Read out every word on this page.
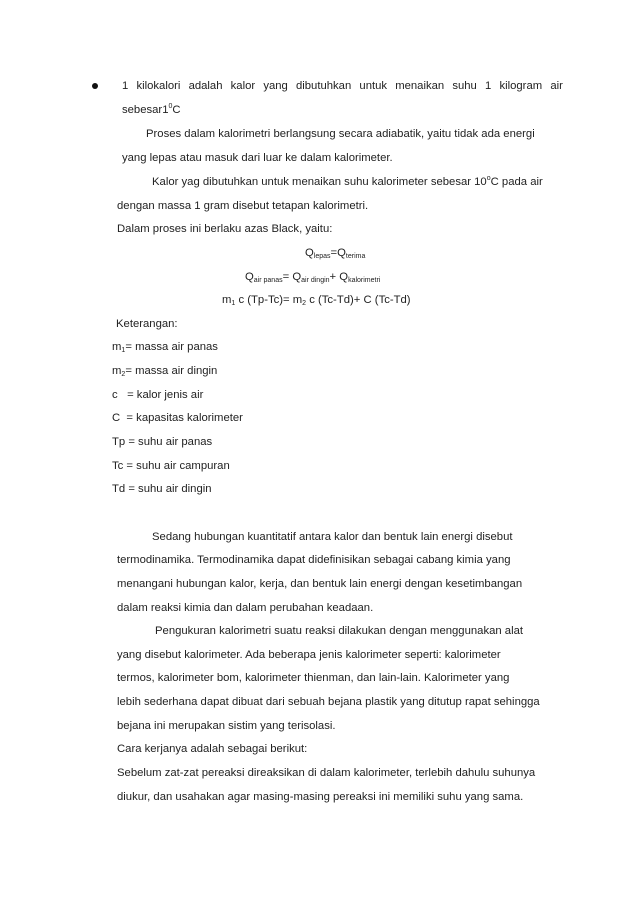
1 kilokalori adalah kalor yang dibutuhkan untuk menaikan suhu 1 kilogram air
$sebesar1^0C$
Proses dalam kalorimetri berlangsung secara adiabatik, yaitu tidak ada energi
yang lepas atau masuk dari luar ke dalam kalorimeter.
Kalor yag dibutuhkan untuk menaikan suhu kalorimeter sebesar 10$^o$C pada air
dengan massa 1 gram disebut tetapan kalorimetri.
Dalam proses ini berlaku azas Black, yaitu:
$Q_{lepas}=Q_{terima}$
$Q_{air panas}= Q_{air dingin}+ Q_{kalorimetri}$
$m_1$ c $(Tp-Tc)= m_2$ c (Tc-Td)+ C (Tc-Td)
Keterangan:
$m_1=$ massa air panas
$m_2=$ massa air dingin
c   = kalor jenis air
C  = kapasitas kalorimeter
Tp = suhu air panas
Tc = suhu air campuran
Td = suhu air dingin
Sedang hubungan kuantitatif antara kalor dan bentuk lain energi disebut
termodinamika. Termodinamika dapat didefinisikan sebagai cabang kimia yang
menangani hubungan kalor, kerja, dan bentuk lain energi dengan kesetimbangan
dalam reaksi kimia dan dalam perubahan keadaan.
Pengukuran kalorimetri suatu reaksi dilakukan dengan menggunakan alat
yang disebut kalorimeter. Ada beberapa jenis kalorimeter seperti: kalorimeter
termos, kalorimeter bom, kalorimeter thienman, dan lain-lain. Kalorimeter yang
lebih sederhana dapat dibuat dari sebuah bejana plastik yang ditutup rapat sehingga
bejana ini merupakan sistim yang terisolasi.
Cara kerjanya adalah sebagai berikut:
Sebelum zat-zat pereaksi direaksikan di dalam kalorimeter, terlebih dahulu suhunya
diukur, dan usahakan agar masing-masing pereaksi ini memiliki suhu yang sama.
